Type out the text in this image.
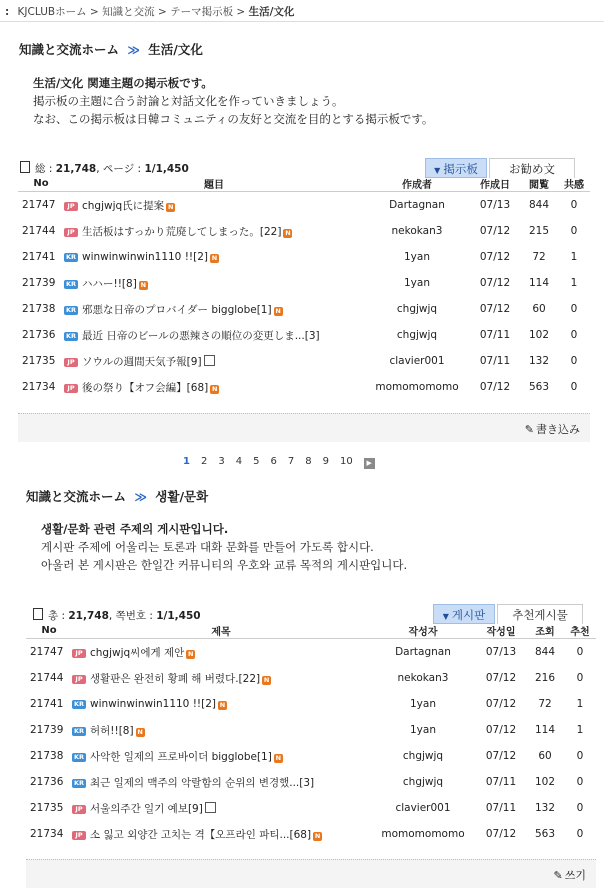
: KJCLUBホーム > 知識と交流 > テーマ掲示板 > 生活/文化
知識と交流ホーム ≫ 生活/文化
生活/文化 関連主題の掲示板です。
掲示板の主題に合う討論と対話文化を作っていきましょう。
なお、この掲示板は日韓コミュニティの友好と交流を目的とする掲示板です。
総 : 21,748, ページ : 1/1,450	▼ 掲示板	お勧め文
No	題目	作成者	作成日	閲覧	共感
21747	JP chgjwjq氏に提案 N	Dartagnan	07/13	844	0
21744	JP 生活板はすっかり荒廃してしまった。[22] N	nekokan3	07/12	215	0
21741	KR winwinwinwin1110 !![2] N	1yan	07/12	72	1
21739	KR ハハー!![8] N	1yan	07/12	114	1
21738	KR 邪悪な日帝のプロバイダー bigglobe[1] N	chgjwjq	07/12	60	0
21736	KR 最近 日帝のビールの悪辣さの順位の変更しま...[3]	chgjwjq	07/11	102	0
21735	JP ソウルの週間天気予報[9]	clavier001	07/11	132	0
21734	JP 後の祭り【オフ会編】[68] N	momomomomo	07/12	563	0
✎ 書き込み
1 2 3 4 5 6 7 8 9 10 ▶
知識と交流ホーム ≫ 생활/문화
생활/문화 관련 주제의 게시판입니다.
게시판 주제에 어울리는 토론과 대화 문화를 만들어 가도록 합시다.
아울러 본 게시판은 한일간 커뮤니티의 우호와 교류 목적의 게시판입니다.
총 : 21,748, 쪽번호 : 1/1,450	▼ 게시판	추천게시물
No	제목	작성자	작성일	조회	추천
21747	JP chgjwjq씨에게 제안 N	Dartagnan	07/13	844	0
21744	JP 생활판은 완전히 황폐 해 버렸다.[22] N	nekokan3	07/12	216	0
21741	KR winwinwinwin1110 !![2] N	1yan	07/12	72	1
21739	KR 허허!![8] N	1yan	07/12	114	1
21738	KR 사악한 일제의 프로바이더 bigglobe[1] N	chgjwjq	07/12	60	0
21736	KR 최근 일제의 맥주의 악랄함의 순위의 변경했...[3]	chgjwjq	07/11	102	0
21735	JP 서울의주간 일기 예보[9]	clavier001	07/11	132	0
21734	JP 소 잃고 외양간 고치는 격【오프라인 파티...[68] N	momomomomo	07/12	563	0
✎ 쓰기
